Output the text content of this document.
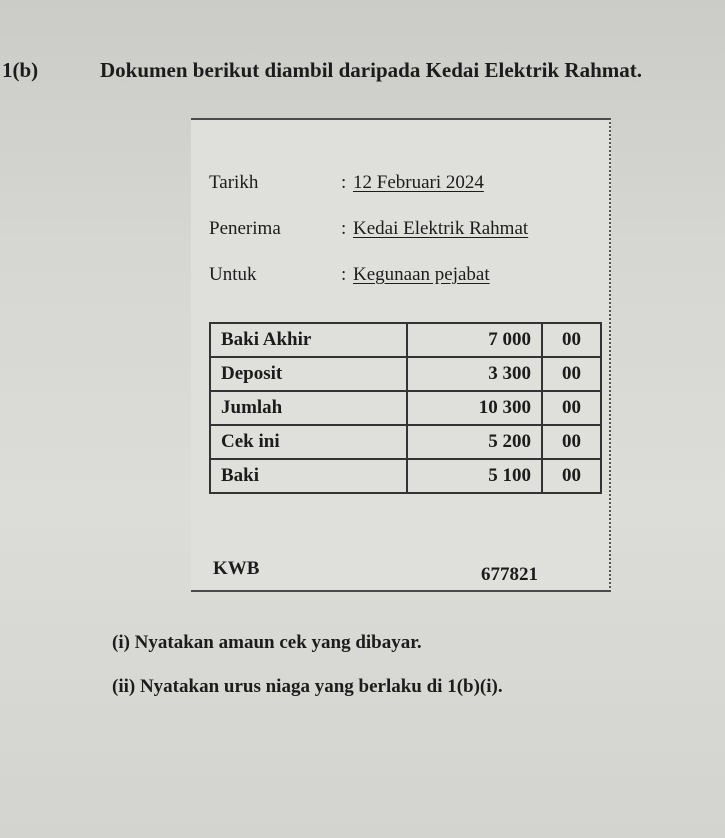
1(b)	Dokumen berikut diambil daripada Kedai Elektrik Rahmat.
Tarikh	: 12 Februari 2024
Penerima	: Kedai Elektrik Rahmat
Untuk	: Kegunaan pejabat
Baki Akhir	7 000	00
Deposit	3 300	00
Jumlah	10 300	00
Cek ini	5 200	00
Baki	5 100	00
KWB	677821
(i) Nyatakan amaun cek yang dibayar.
(ii) Nyatakan urus niaga yang berlaku di 1(b)(i).
